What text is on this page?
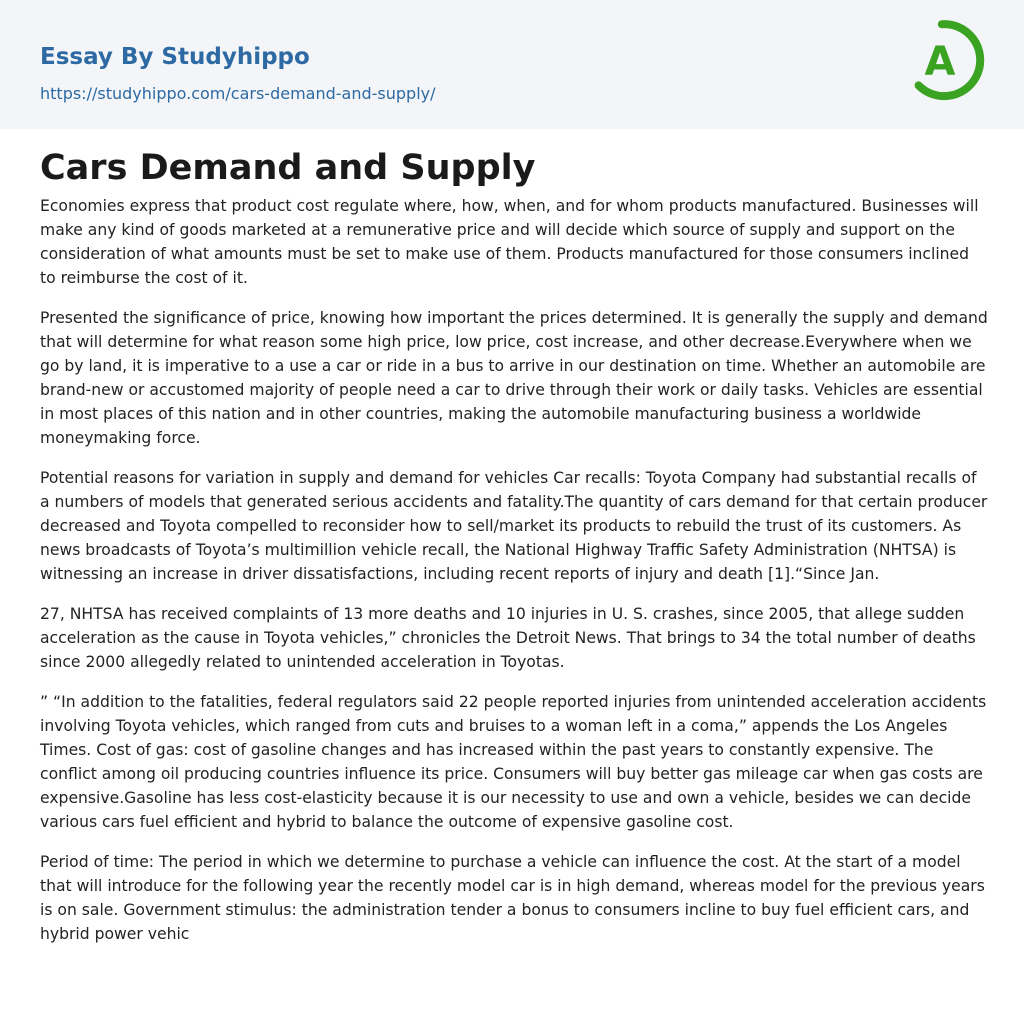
Essay By Studyhippo
https://studyhippo.com/cars-demand-and-supply/
A
Cars Demand and Supply

Economies express that product cost regulate where, how, when, and for whom products manufactured. Businesses will make any kind of goods marketed at a remunerative price and will decide which source of supply and support on the consideration of what amounts must be set to make use of them. Products manufactured for those consumers inclined to reimburse the cost of it.

Presented the significance of price, knowing how important the prices determined. It is generally the supply and demand that will determine for what reason some high price, low price, cost increase, and other decrease.Everywhere when we go by land, it is imperative to a use a car or ride in a bus to arrive in our destination on time. Whether an automobile are brand-new or accustomed majority of people need a car to drive through their work or daily tasks. Vehicles are essential in most places of this nation and in other countries, making the automobile manufacturing business a worldwide moneymaking force.

Potential reasons for variation in supply and demand for vehicles Car recalls: Toyota Company had substantial recalls of a numbers of models that generated serious accidents and fatality.The quantity of cars demand for that certain producer decreased and Toyota compelled to reconsider how to sell/market its products to rebuild the trust of its customers. As news broadcasts of Toyota’s multimillion vehicle recall, the National Highway Traffic Safety Administration (NHTSA) is witnessing an increase in driver dissatisfactions, including recent reports of injury and death [1].“Since Jan.

27, NHTSA has received complaints of 13 more deaths and 10 injuries in U. S. crashes, since 2005, that allege sudden acceleration as the cause in Toyota vehicles,” chronicles the Detroit News. That brings to 34 the total number of deaths since 2000 allegedly related to unintended acceleration in Toyotas.

” “In addition to the fatalities, federal regulators said 22 people reported injuries from unintended acceleration accidents involving Toyota vehicles, which ranged from cuts and bruises to a woman left in a coma,” appends the Los Angeles Times. Cost of gas: cost of gasoline changes and has increased within the past years to constantly expensive. The conflict among oil producing countries influence its price. Consumers will buy better gas mileage car when gas costs are expensive.Gasoline has less cost-elasticity because it is our necessity to use and own a vehicle, besides we can decide various cars fuel efficient and hybrid to balance the outcome of expensive gasoline cost.

Period of time: The period in which we determine to purchase a vehicle can influence the cost. At the start of a model that will introduce for the following year the recently model car is in high demand, whereas model for the previous years is on sale. Government stimulus: the administration tender a bonus to consumers incline to buy fuel efficient cars, and hybrid power vehic
